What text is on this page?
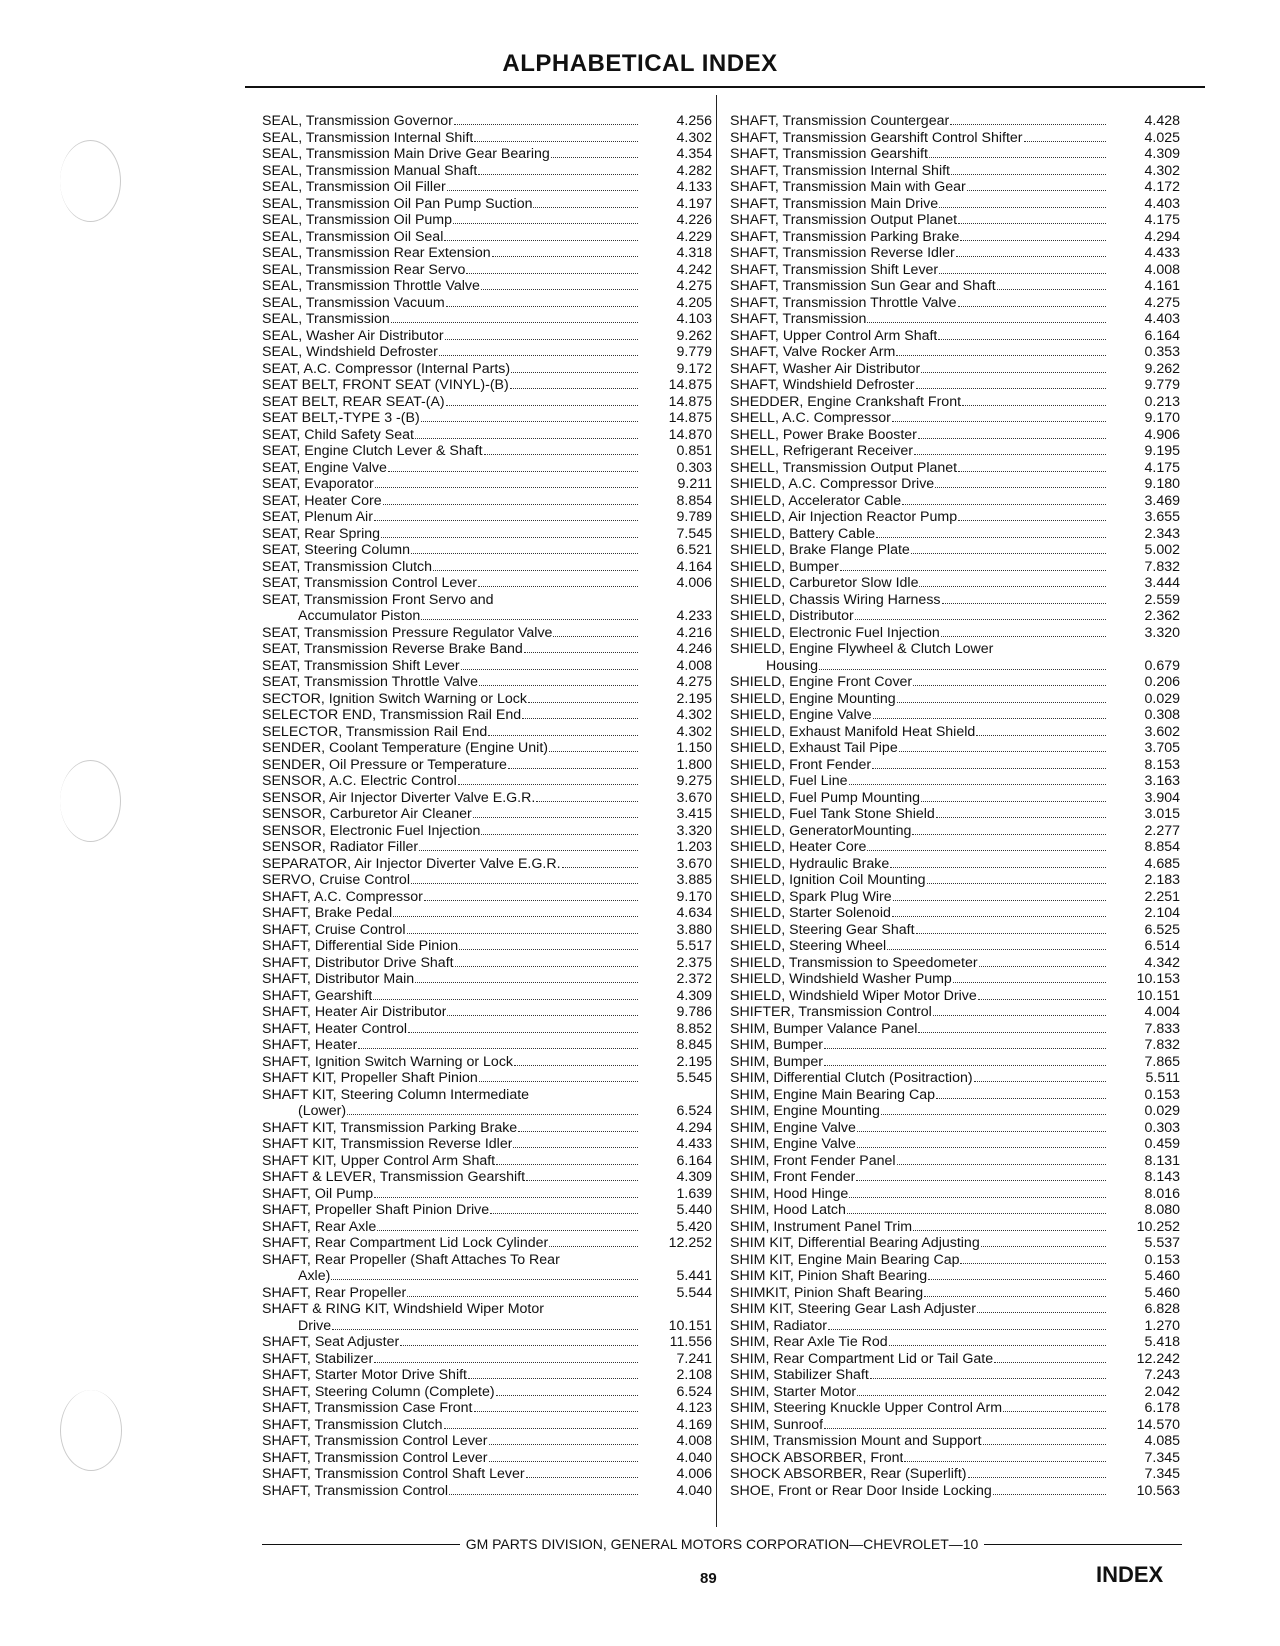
ALPHABETICAL INDEX
SEAL, Transmission Governor	4.256
SEAL, Transmission Internal Shift	4.302
SEAL, Transmission Main Drive Gear Bearing	4.354
SEAL, Transmission Manual Shaft	4.282
SEAL, Transmission Oil Filler	4.133
SEAL, Transmission Oil Pan Pump Suction	4.197
SEAL, Transmission Oil Pump	4.226
SEAL, Transmission Oil Seal	4.229
SEAL, Transmission Rear Extension	4.318
SEAL, Transmission Rear Servo	4.242
SEAL, Transmission Throttle Valve	4.275
SEAL, Transmission Vacuum	4.205
SEAL, Transmission	4.103
SEAL, Washer Air Distributor	9.262
SEAL, Windshield Defroster	9.779
SEAT, A.C. Compressor (Internal Parts)	9.172
SEAT BELT, FRONT SEAT (VINYL)-(B)	14.875
SEAT BELT, REAR SEAT-(A)	14.875
SEAT BELT,-TYPE 3 -(B)	14.875
SEAT, Child Safety Seat	14.870
SEAT, Engine Clutch Lever & Shaft	0.851
SEAT, Engine Valve	0.303
SEAT, Evaporator	9.211
SEAT, Heater Core	8.854
SEAT, Plenum Air	9.789
SEAT, Rear Spring	7.545
SEAT, Steering Column	6.521
SEAT, Transmission Clutch	4.164
SEAT, Transmission Control Lever	4.006
SEAT, Transmission Front Servo and
Accumulator Piston	4.233
SEAT, Transmission Pressure Regulator Valve	4.216
SEAT, Transmission Reverse Brake Band	4.246
SEAT, Transmission Shift Lever	4.008
SEAT, Transmission Throttle Valve	4.275
SECTOR, Ignition Switch Warning or Lock	2.195
SELECTOR END, Transmission Rail End	4.302
SELECTOR, Transmission Rail End	4.302
SENDER, Coolant Temperature (Engine Unit)	1.150
SENDER, Oil Pressure or Temperature	1.800
SENSOR, A.C. Electric Control	9.275
SENSOR, Air Injector Diverter Valve E.G.R.	3.670
SENSOR, Carburetor Air Cleaner	3.415
SENSOR, Electronic Fuel Injection	3.320
SENSOR, Radiator Filler	1.203
SEPARATOR, Air Injector Diverter Valve E.G.R.	3.670
SERVO, Cruise Control	3.885
SHAFT, A.C. Compressor	9.170
SHAFT, Brake Pedal	4.634
SHAFT, Cruise Control	3.880
SHAFT, Differential Side Pinion	5.517
SHAFT, Distributor Drive Shaft	2.375
SHAFT, Distributor Main	2.372
SHAFT, Gearshift	4.309
SHAFT, Heater Air Distributor	9.786
SHAFT, Heater Control	8.852
SHAFT, Heater	8.845
SHAFT, Ignition Switch Warning or Lock	2.195
SHAFT KIT, Propeller Shaft Pinion	5.545
SHAFT KIT, Steering Column Intermediate
(Lower)	6.524
SHAFT KIT, Transmission Parking Brake	4.294
SHAFT KIT, Transmission Reverse Idler	4.433
SHAFT KIT, Upper Control Arm Shaft	6.164
SHAFT & LEVER, Transmission Gearshift	4.309
SHAFT, Oil Pump	1.639
SHAFT, Propeller Shaft Pinion Drive	5.440
SHAFT, Rear Axle	5.420
SHAFT, Rear Compartment Lid Lock Cylinder	12.252
SHAFT, Rear Propeller (Shaft Attaches To Rear
Axle)	5.441
SHAFT, Rear Propeller	5.544
SHAFT & RING KIT, Windshield Wiper Motor
Drive	10.151
SHAFT, Seat Adjuster	11.556
SHAFT, Stabilizer	7.241
SHAFT, Starter Motor Drive Shift	2.108
SHAFT, Steering Column (Complete)	6.524
SHAFT, Transmission Case Front	4.123
SHAFT, Transmission Clutch	4.169
SHAFT, Transmission Control Lever	4.008
SHAFT, Transmission Control Lever	4.040
SHAFT, Transmission Control Shaft Lever	4.006
SHAFT, Transmission Control	4.040
SHAFT, Transmission Countergear	4.428
SHAFT, Transmission Gearshift Control Shifter	4.025
SHAFT, Transmission Gearshift	4.309
SHAFT, Transmission Internal Shift	4.302
SHAFT, Transmission Main with Gear	4.172
SHAFT, Transmission Main Drive	4.403
SHAFT, Transmission Output Planet	4.175
SHAFT, Transmission Parking Brake	4.294
SHAFT, Transmission Reverse Idler	4.433
SHAFT, Transmission Shift Lever	4.008
SHAFT, Transmission Sun Gear and Shaft	4.161
SHAFT, Transmission Throttle Valve	4.275
SHAFT, Transmission	4.403
SHAFT, Upper Control Arm Shaft	6.164
SHAFT, Valve Rocker Arm	0.353
SHAFT, Washer Air Distributor	9.262
SHAFT, Windshield Defroster	9.779
SHEDDER, Engine Crankshaft Front	0.213
SHELL, A.C. Compressor	9.170
SHELL, Power Brake Booster	4.906
SHELL, Refrigerant Receiver	9.195
SHELL, Transmission Output Planet	4.175
SHIELD, A.C. Compressor Drive	9.180
SHIELD, Accelerator Cable	3.469
SHIELD, Air Injection Reactor Pump	3.655
SHIELD, Battery Cable	2.343
SHIELD, Brake Flange Plate	5.002
SHIELD, Bumper	7.832
SHIELD, Carburetor Slow Idle	3.444
SHIELD, Chassis Wiring Harness	2.559
SHIELD, Distributor	2.362
SHIELD, Electronic Fuel Injection	3.320
SHIELD, Engine Flywheel & Clutch Lower
Housing	0.679
SHIELD, Engine Front Cover	0.206
SHIELD, Engine Mounting	0.029
SHIELD, Engine Valve	0.308
SHIELD, Exhaust Manifold Heat Shield	3.602
SHIELD, Exhaust Tail Pipe	3.705
SHIELD, Front Fender	8.153
SHIELD, Fuel Line	3.163
SHIELD, Fuel Pump Mounting	3.904
SHIELD, Fuel Tank Stone Shield	3.015
SHIELD, GeneratorMounting	2.277
SHIELD, Heater Core	8.854
SHIELD, Hydraulic Brake	4.685
SHIELD, Ignition Coil Mounting	2.183
SHIELD, Spark Plug Wire	2.251
SHIELD, Starter Solenoid	2.104
SHIELD, Steering Gear Shaft	6.525
SHIELD, Steering Wheel	6.514
SHIELD, Transmission to Speedometer	4.342
SHIELD, Windshield Washer Pump	10.153
SHIELD, Windshield Wiper Motor Drive	10.151
SHIFTER, Transmission Control	4.004
SHIM, Bumper Valance Panel	7.833
SHIM, Bumper	7.832
SHIM, Bumper	7.865
SHIM, Differential Clutch (Positraction)	5.511
SHIM, Engine Main Bearing Cap	0.153
SHIM, Engine Mounting	0.029
SHIM, Engine Valve	0.303
SHIM, Engine Valve	0.459
SHIM, Front Fender Panel	8.131
SHIM, Front Fender	8.143
SHIM, Hood Hinge	8.016
SHIM, Hood Latch	8.080
SHIM, Instrument Panel Trim	10.252
SHIM KIT, Differential Bearing Adjusting	5.537
SHIM KIT, Engine Main Bearing Cap	0.153
SHIM KIT, Pinion Shaft Bearing	5.460
SHIMKIT, Pinion Shaft Bearing	5.460
SHIM KIT, Steering Gear Lash Adjuster	6.828
SHIM, Radiator	1.270
SHIM, Rear Axle Tie Rod	5.418
SHIM, Rear Compartment Lid or Tail Gate	12.242
SHIM, Stabilizer Shaft	7.243
SHIM, Starter Motor	2.042
SHIM, Steering Knuckle Upper Control Arm	6.178
SHIM, Sunroof	14.570
SHIM, Transmission Mount and Support	4.085
SHOCK ABSORBER, Front	7.345
SHOCK ABSORBER, Rear (Superlift)	7.345
SHOE, Front or Rear Door Inside Locking	10.563
GM PARTS DIVISION, GENERAL MOTORS CORPORATION—CHEVROLET—10
89	INDEX
